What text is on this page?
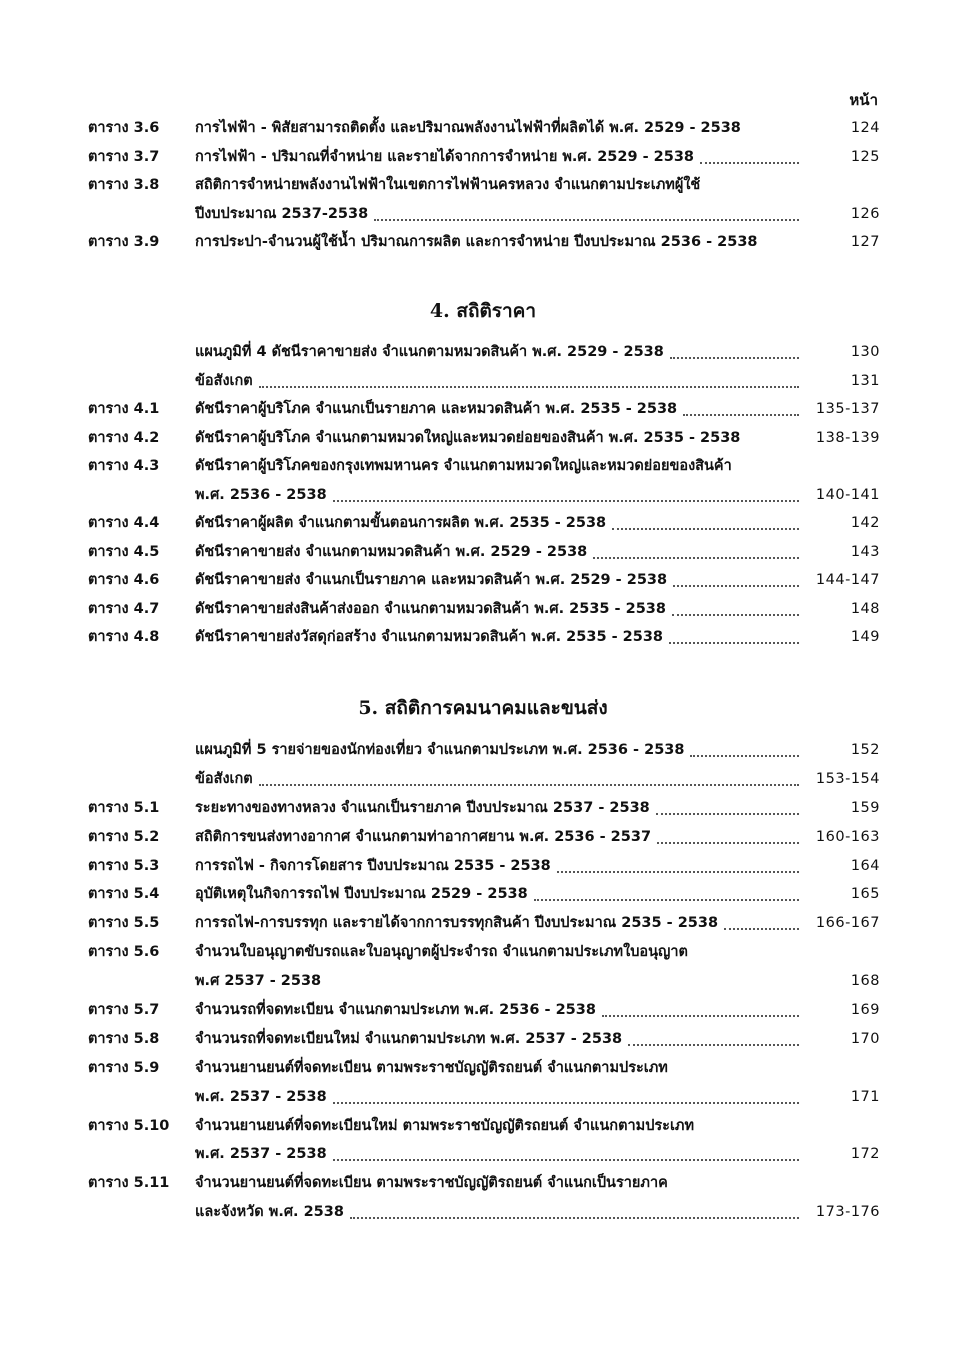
หน้า
ตาราง 3.6	การไฟฟ้า - พิสัยสามารถติดตั้ง และปริมาณพลังงานไฟฟ้าที่ผลิตได้ พ.ศ. 2529 - 2538	124
ตาราง 3.7	การไฟฟ้า - ปริมาณที่จำหน่าย และรายได้จากการจำหน่าย พ.ศ. 2529 - 2538	125
ตาราง 3.8	สถิติการจำหน่ายพลังงานไฟฟ้าในเขตการไฟฟ้านครหลวง จำแนกตามประเภทผู้ใช้
ปีงบประมาณ 2537-2538	126
ตาราง 3.9	การประปา-จำนวนผู้ใช้น้ำ ปริมาณการผลิต และการจำหน่าย ปีงบประมาณ 2536 - 2538	127
4. สถิติราคา
แผนภูมิที่ 4 ดัชนีราคาขายส่ง จำแนกตามหมวดสินค้า พ.ศ. 2529 - 2538	130
ข้อสังเกต	131
ตาราง 4.1	ดัชนีราคาผู้บริโภค จำแนกเป็นรายภาค และหมวดสินค้า พ.ศ. 2535 - 2538	135-137
ตาราง 4.2	ดัชนีราคาผู้บริโภค จำแนกตามหมวดใหญ่และหมวดย่อยของสินค้า พ.ศ. 2535 - 2538	138-139
ตาราง 4.3	ดัชนีราคาผู้บริโภคของกรุงเทพมหานคร จำแนกตามหมวดใหญ่และหมวดย่อยของสินค้า
พ.ศ. 2536 - 2538	140-141
ตาราง 4.4	ดัชนีราคาผู้ผลิต จำแนกตามขั้นตอนการผลิต พ.ศ. 2535 - 2538	142
ตาราง 4.5	ดัชนีราคาขายส่ง จำแนกตามหมวดสินค้า พ.ศ. 2529 - 2538	143
ตาราง 4.6	ดัชนีราคาขายส่ง จำแนกเป็นรายภาค และหมวดสินค้า พ.ศ. 2529 - 2538	144-147
ตาราง 4.7	ดัชนีราคาขายส่งสินค้าส่งออก จำแนกตามหมวดสินค้า พ.ศ. 2535 - 2538	148
ตาราง 4.8	ดัชนีราคาขายส่งวัสดุก่อสร้าง จำแนกตามหมวดสินค้า พ.ศ. 2535 - 2538	149
5. สถิติการคมนาคมและขนส่ง
แผนภูมิที่ 5 รายจ่ายของนักท่องเที่ยว จำแนกตามประเภท พ.ศ. 2536 - 2538	152
ข้อสังเกต	153-154
ตาราง 5.1	ระยะทางของทางหลวง จำแนกเป็นรายภาค ปีงบประมาณ 2537 - 2538	159
ตาราง 5.2	สถิติการขนส่งทางอากาศ จำแนกตามท่าอากาศยาน พ.ศ. 2536 - 2537	160-163
ตาราง 5.3	การรถไฟ - กิจการโดยสาร ปีงบประมาณ 2535 - 2538	164
ตาราง 5.4	อุบัติเหตุในกิจการรถไฟ ปีงบประมาณ 2529 - 2538	165
ตาราง 5.5	การรถไฟ-การบรรทุก และรายได้จากการบรรทุกสินค้า ปีงบประมาณ 2535 - 2538	166-167
ตาราง 5.6	จำนวนใบอนุญาตขับรถและใบอนุญาตผู้ประจำรถ จำแนกตามประเภทใบอนุญาต
พ.ศ 2537 - 2538	168
ตาราง 5.7	จำนวนรถที่จดทะเบียน จำแนกตามประเภท พ.ศ. 2536 - 2538	169
ตาราง 5.8	จำนวนรถที่จดทะเบียนใหม่ จำแนกตามประเภท พ.ศ. 2537 - 2538	170
ตาราง 5.9	จำนวนยานยนต์ที่จดทะเบียน ตามพระราชบัญญัติรถยนต์ จำแนกตามประเภท
พ.ศ. 2537 - 2538	171
ตาราง 5.10	จำนวนยานยนต์ที่จดทะเบียนใหม่ ตามพระราชบัญญัติรถยนต์ จำแนกตามประเภท
พ.ศ. 2537 - 2538	172
ตาราง 5.11	จำนวนยานยนต์ที่จดทะเบียน ตามพระราชบัญญัติรถยนต์ จำแนกเป็นรายภาค
และจังหวัด พ.ศ. 2538	173-176
